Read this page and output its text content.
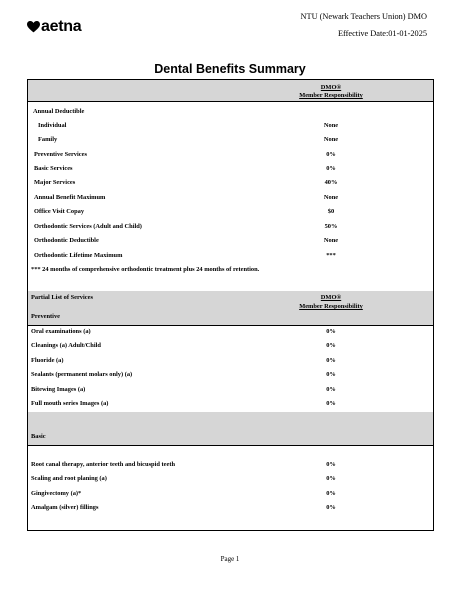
aetna
NTU (Newark Teachers Union) DMO
Effective Date:01-01-2025
Dental Benefits Summary
DMO®
Member Responsibility
Annual Deductible
Individual	None
Family	None
Preventive Services	0%
Basic Services	0%
Major Services	40%
Annual Benefit Maximum	None
Office Visit Copay	$0
Orthodontic Services (Adult and Child)	50%
Orthodontic Deductible	None
Orthodontic Lifetime Maximum	***
*** 24 months of comprehensive orthodontic treatment plus 24 months of retention.
Partial List of Services	DMO®
Member Responsibility
Preventive
Oral examinations (a)	0%
Cleanings (a) Adult/Child	0%
Fluoride (a)	0%
Sealants (permanent molars only) (a)	0%
Bitewing Images (a)	0%
Full mouth series Images (a)	0%
Basic
Root canal therapy, anterior teeth and bicuspid teeth	0%
Scaling and root planing (a)	0%
Gingivectomy (a)*	0%
Amalgam (silver) fillings	0%
Page 1
